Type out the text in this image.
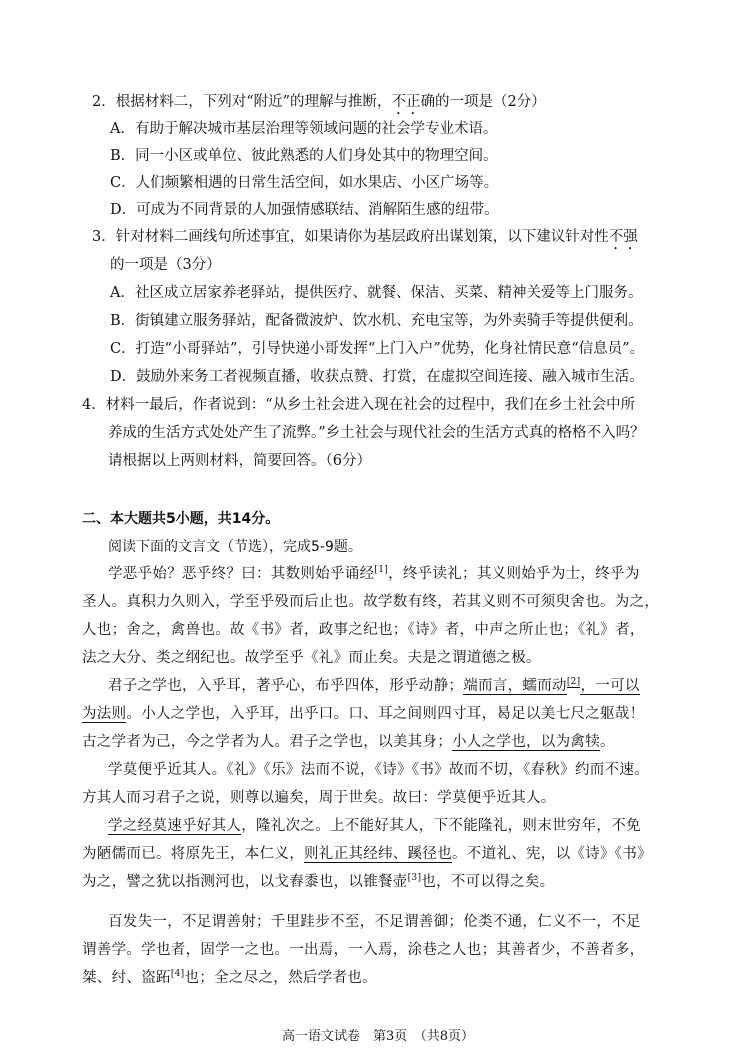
2．根据材料二，下列对“附近”的理解与推断，不正确的一项是（2分）
A．有助于解决城市基层治理等领域问题的社会学专业术语。
B．同一小区或单位、彼此熟悉的人们身处其中的物理空间。
C．人们频繁相遇的日常生活空间，如水果店、小区广场等。
D．可成为不同背景的人加强情感联结、消解陌生感的纽带。
3．针对材料二画线句所述事宜，如果请你为基层政府出谋划策，以下建议针对性不强
的一项是（3分）
A．社区成立居家养老驿站，提供医疗、就餐、保洁、买菜、精神关爱等上门服务。
B．街镇建立服务驿站，配备微波炉、饮水机、充电宝等，为外卖骑手等提供便利。
C．打造“小哥驿站”，引导快递小哥发挥“上门入户”优势，化身社情民意“信息员”。
D．鼓励外来务工者视频直播，收获点赞、打赏，在虚拟空间连接、融入城市生活。
4．材料一最后，作者说到：“从乡土社会进入现在社会的过程中，我们在乡土社会中所
养成的生活方式处处产生了流弊。”乡土社会与现代社会的生活方式真的格格不入吗？
请根据以上两则材料，简要回答。（6分）
二、本大题共5小题，共14分。
阅读下面的文言文（节选），完成5-9题。
学恶乎始？恶乎终？曰：其数则始乎诵经[1]，终乎读礼；其义则始乎为士，终乎为
圣人。真积力久则入，学至乎殁而后止也。故学数有终，若其义则不可须臾舍也。为之，
人也；舍之，禽兽也。故《书》者，政事之纪也；《诗》者，中声之所止也；《礼》者，
法之大分、类之纲纪也。故学至乎《礼》而止矣。夫是之谓道德之极。
君子之学也，入乎耳，著乎心，布乎四体，形乎动静；端而言，蠕而动[2]，一可以
为法则。小人之学也，入乎耳，出乎口。口、耳之间则四寸耳，曷足以美七尺之躯哉！
古之学者为己，今之学者为人。君子之学也，以美其身；小人之学也，以为禽犊。
学莫便乎近其人。《礼》《乐》法而不说，《诗》《书》故而不切，《春秋》约而不速。
方其人而习君子之说，则尊以遍矣，周于世矣。故曰：学莫便乎近其人。
学之经莫速乎好其人，隆礼次之。上不能好其人，下不能隆礼，则末世穷年，不免
为陋儒而已。将原先王，本仁义，则礼正其经纬、蹊径也。不道礼、宪，以《诗》《书》
为之，譬之犹以指测河也，以戈舂黍也，以锥餐壶[3]也，不可以得之矣。
百发失一，不足谓善射；千里跬步不至，不足谓善御；伦类不通，仁义不一，不足
谓善学。学也者，固学一之也。一出焉，一入焉，涂巷之人也；其善者少，不善者多，
桀、纣、盗跖[4]也；全之尽之，然后学者也。
高一语文试卷　第3页　（共8页）
